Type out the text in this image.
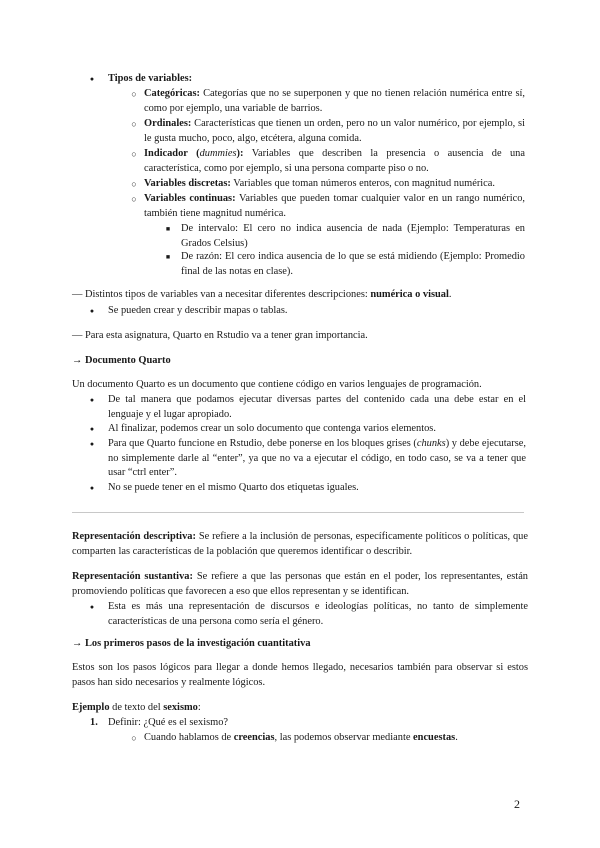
●
Tipos de variables:
○
Categóricas: Categorías que no se superponen y que no tienen relación numérica entre sí, como por ejemplo, una variable de barrios.
○
Ordinales: Características que tienen un orden, pero no un valor numérico, por ejemplo, si le gusta mucho, poco, algo, etcétera, alguna comida.
○
Indicador (dummies): Variables que describen la presencia o ausencia de una característica, como por ejemplo, si una persona comparte piso o no.
○
Variables discretas: Variables que toman números enteros, con magnitud numérica.
○
Variables continuas: Variables que pueden tomar cualquier valor en un rango numérico, también tiene magnitud numérica.
■
De intervalo: El cero no indica ausencia de nada (Ejemplo: Temperaturas en Grados Celsius)
■
De razón: El cero indica ausencia de lo que se está midiendo (Ejemplo: Promedio final de las notas en clase).
— Distintos tipos de variables van a necesitar diferentes descripciones: numérica o visual.
●
Se pueden crear y describir mapas o tablas.
— Para esta asignatura, Quarto en Rstudio va a tener gran importancia.
→ Documento Quarto
Un documento Quarto es un documento que contiene código en varios lenguajes de programación.
●
De tal manera que podamos ejecutar diversas partes del contenido cada una debe estar en el lenguaje y el lugar apropiado.
●
Al finalizar, podemos crear un solo documento que contenga varios elementos.
●
Para que Quarto funcione en Rstudio, debe ponerse en los bloques grises (chunks) y debe ejecutarse, no simplemente darle al “enter”, ya que no va a ejecutar el código, en todo caso, se va a tener que usar “ctrl enter”.
●
No se puede tener en el mismo Quarto dos etiquetas iguales.
Representación descriptiva: Se refiere a la inclusión de personas, específicamente políticos o políticas, que comparten las características de la población que queremos identificar o describir.
Representación sustantiva: Se refiere a que las personas que están en el poder, los representantes, están promoviendo políticas que favorecen a eso que ellos representan y se identifican.
●
Esta es más una representación de discursos e ideologías políticas, no tanto de simplemente características de una persona como sería el género.
→ Los primeros pasos de la investigación cuantitativa
Estos son los pasos lógicos para llegar a donde hemos llegado, necesarios también para observar si estos pasos han sido necesarios y realmente lógicos.
Ejemplo de texto del sexismo:
1. Definir: ¿Qué es el sexismo?
○
Cuando hablamos de creencias, las podemos observar mediante encuestas.
2
